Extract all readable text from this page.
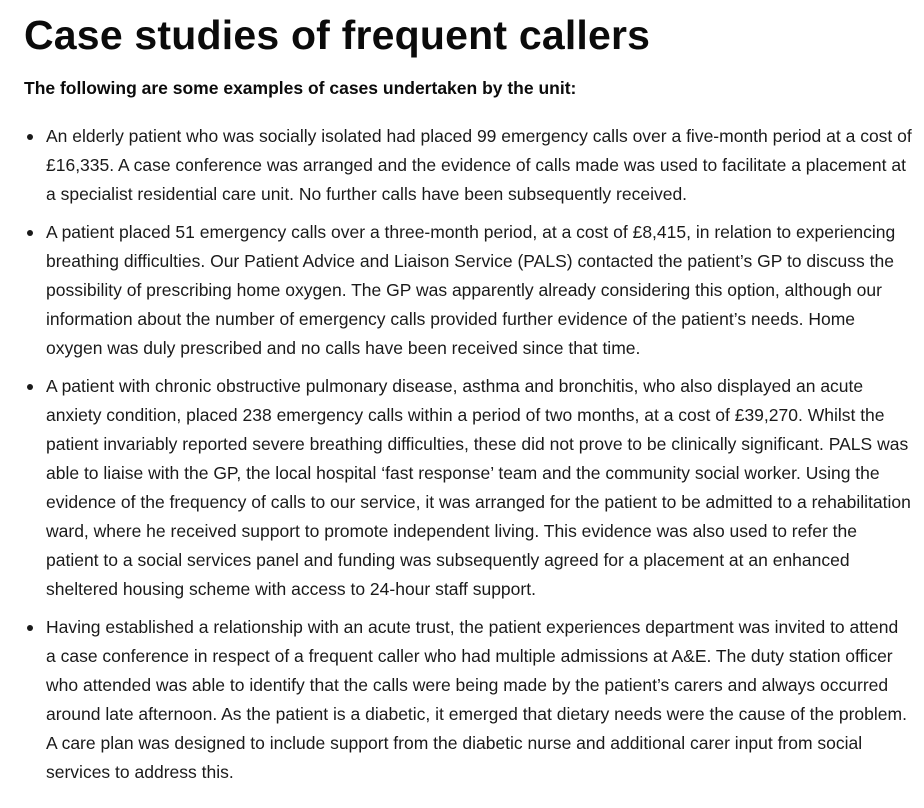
Case studies of frequent callers

The following are some examples of cases undertaken by the unit:

An elderly patient who was socially isolated had placed 99 emergency calls over a five-month period at a cost of £16,335. A case conference was arranged and the evidence of calls made was used to facilitate a placement at a specialist residential care unit. No further calls have been subsequently received.
A patient placed 51 emergency calls over a three-month period, at a cost of £8,415, in relation to experiencing breathing difficulties. Our Patient Advice and Liaison Service (PALS) contacted the patient’s GP to discuss the possibility of prescribing home oxygen. The GP was apparently already considering this option, although our information about the number of emergency calls provided further evidence of the patient’s needs. Home oxygen was duly prescribed and no calls have been received since that time.
A patient with chronic obstructive pulmonary disease, asthma and bronchitis, who also displayed an acute anxiety condition, placed 238 emergency calls within a period of two months, at a cost of £39,270. Whilst the patient invariably reported severe breathing difficulties, these did not prove to be clinically significant. PALS was able to liaise with the GP, the local hospital ‘fast response’ team and the community social worker. Using the evidence of the frequency of calls to our service, it was arranged for the patient to be admitted to a rehabilitation ward, where he received support to promote independent living. This evidence was also used to refer the patient to a social services panel and funding was subsequently agreed for a placement at an enhanced sheltered housing scheme with access to 24-hour staff support.
Having established a relationship with an acute trust, the patient experiences department was invited to attend a case conference in respect of a frequent caller who had multiple admissions at A&E. The duty station officer who attended was able to identify that the calls were being made by the patient’s carers and always occurred around late afternoon. As the patient is a diabetic, it emerged that dietary needs were the cause of the problem. A care plan was designed to include support from the diabetic nurse and additional carer input from social services to address this.
